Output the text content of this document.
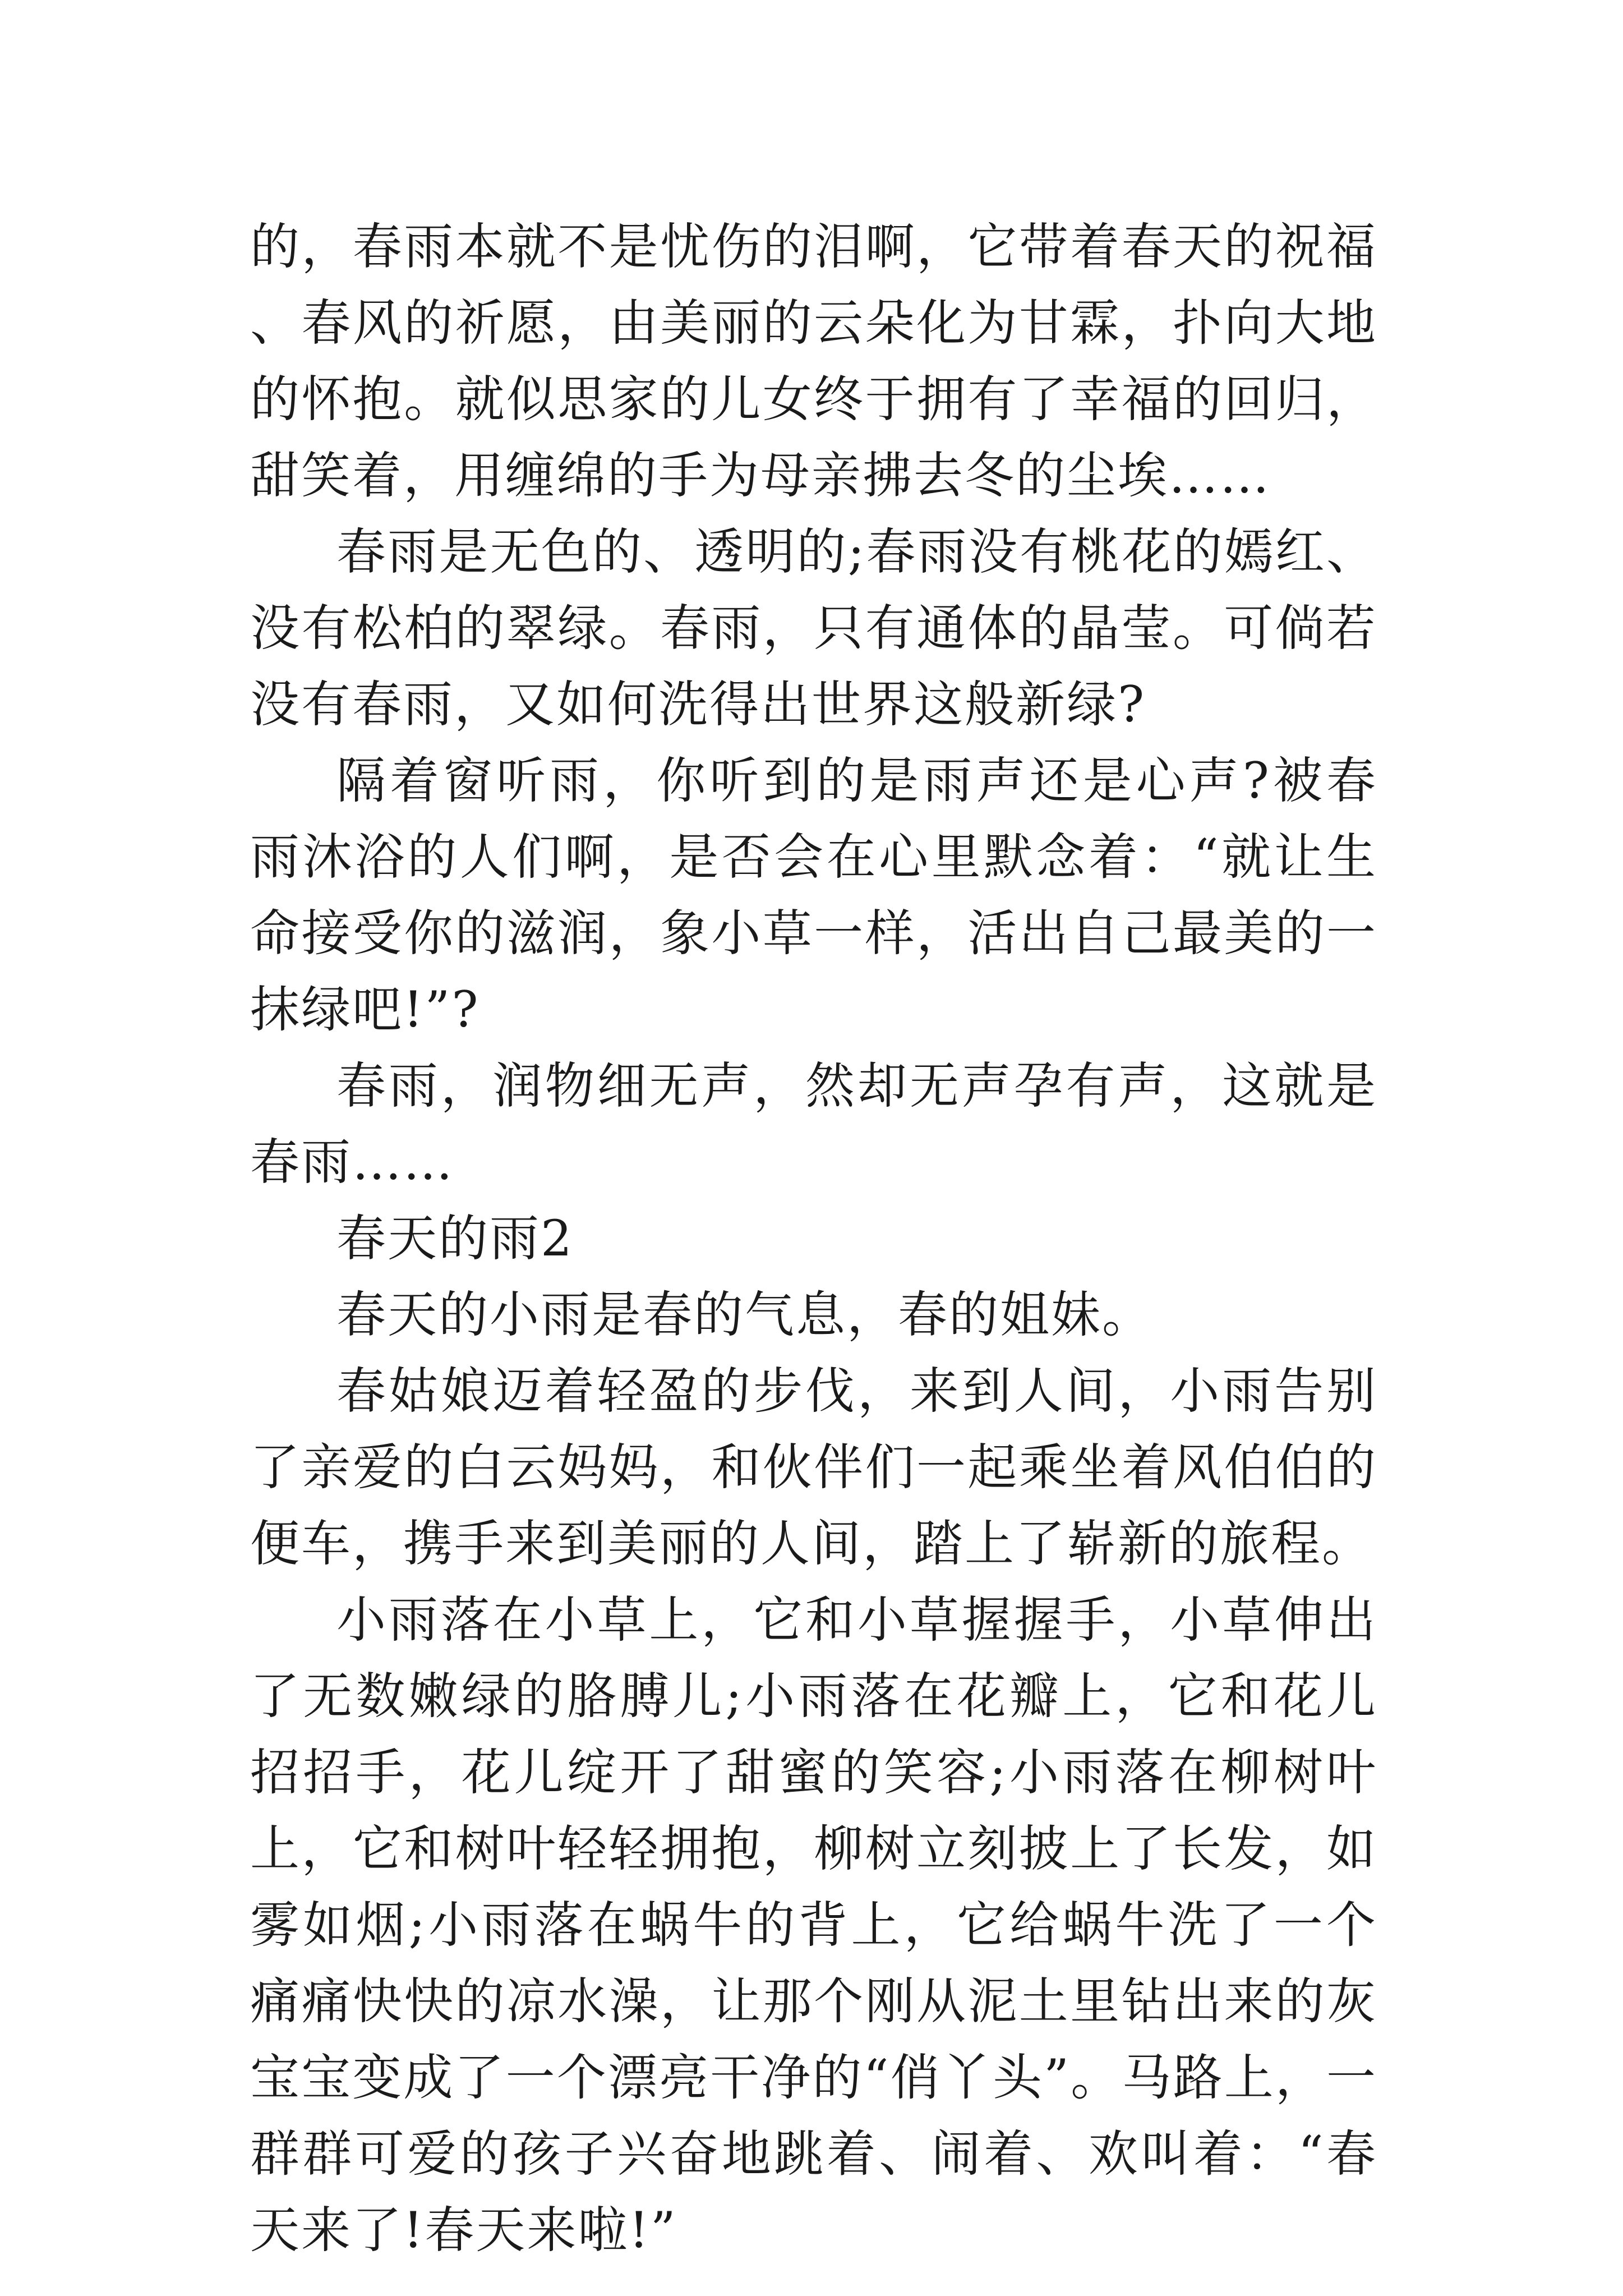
的，春雨本就不是忧伤的泪啊，它带着春天的祝福、春风的祈愿，由美丽的云朵化为甘霖，扑向大地的怀抱。就似思家的儿女终于拥有了幸福的回归，甜笑着，用缠绵的手为母亲拂去冬的尘埃……

春雨是无色的、透明的;春雨没有桃花的嫣红、没有松柏的翠绿。春雨，只有通体的晶莹。可倘若没有春雨，又如何洗得出世界这般新绿?

隔着窗听雨，你听到的是雨声还是心声?被春雨沐浴的人们啊，是否会在心里默念着：“就让生命接受你的滋润，象小草一样，活出自己最美的一抹绿吧!”?

春雨，润物细无声，然却无声孕有声，这就是春雨……

春天的雨2

春天的小雨是春的气息，春的姐妹。

春姑娘迈着轻盈的步伐，来到人间，小雨告别了亲爱的白云妈妈，和伙伴们一起乘坐着风伯伯的便车，携手来到美丽的人间，踏上了崭新的旅程。

小雨落在小草上，它和小草握握手，小草伸出了无数嫩绿的胳膊儿;小雨落在花瓣上，它和花儿招招手，花儿绽开了甜蜜的笑容;小雨落在柳树叶上，它和树叶轻轻拥抱，柳树立刻披上了长发，如雾如烟;小雨落在蜗牛的背上，它给蜗牛洗了一个痛痛快快的凉水澡，让那个刚从泥土里钻出来的灰宝宝变成了一个漂亮干净的“俏丫头”。马路上，一群群可爱的孩子兴奋地跳着、闹着、欢叫着：“春天来了!春天来啦!”
